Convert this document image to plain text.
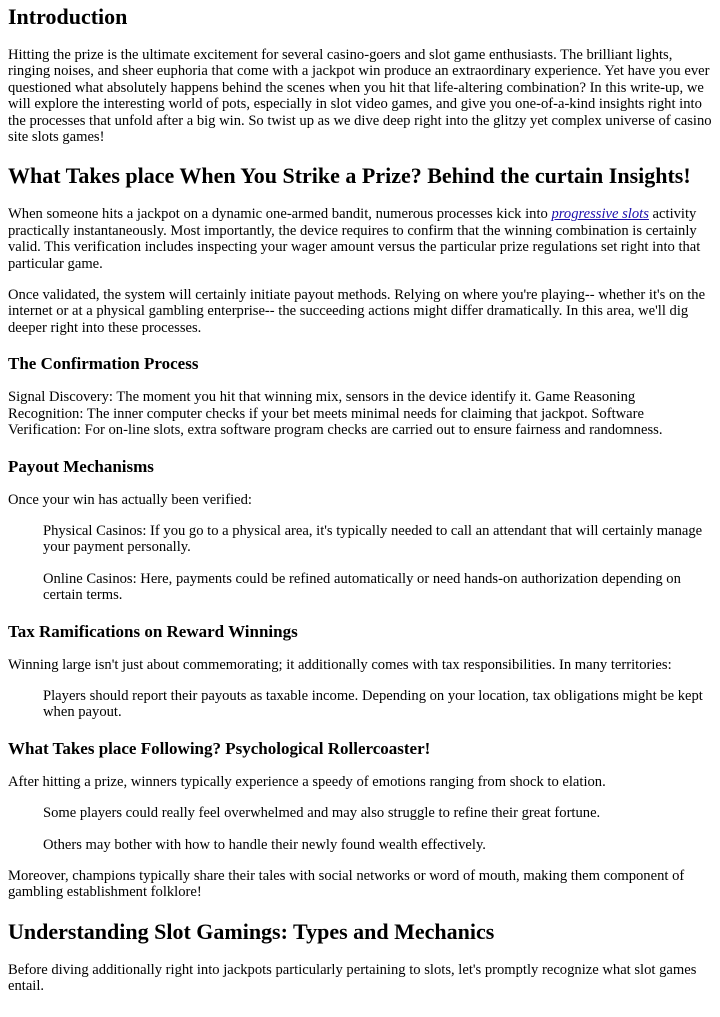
Introduction

Hitting the prize is the ultimate excitement for several casino-goers and slot game enthusiasts. The brilliant lights, ringing noises, and sheer euphoria that come with a jackpot win produce an extraordinary experience. Yet have you ever questioned what absolutely happens behind the scenes when you hit that life-altering combination? In this write-up, we will explore the interesting world of pots, especially in slot video games, and give you one-of-a-kind insights right into the processes that unfold after a big win. So twist up as we dive deep right into the glitzy yet complex universe of casino site slots games!

What Takes place When You Strike a Prize? Behind the curtain Insights!

When someone hits a jackpot on a dynamic one-armed bandit, numerous processes kick into progressive slots activity practically instantaneously. Most importantly, the device requires to confirm that the winning combination is certainly valid. This verification includes inspecting your wager amount versus the particular prize regulations set right into that particular game.

Once validated, the system will certainly initiate payout methods. Relying on where you're playing-- whether it's on the internet or at a physical gambling enterprise-- the succeeding actions might differ dramatically. In this area, we'll dig deeper right into these processes.

The Confirmation Process

Signal Discovery: The moment you hit that winning mix, sensors in the device identify it. Game Reasoning Recognition: The inner computer checks if your bet meets minimal needs for claiming that jackpot. Software Verification: For on-line slots, extra software program checks are carried out to ensure fairness and randomness.

Payout Mechanisms

Once your win has actually been verified:

Physical Casinos: If you go to a physical area, it's typically needed to call an attendant that will certainly manage your payment personally.

Online Casinos: Here, payments could be refined automatically or need hands-on authorization depending on certain terms.

Tax Ramifications on Reward Winnings

Winning large isn't just about commemorating; it additionally comes with tax responsibilities. In many territories:

Players should report their payouts as taxable income. Depending on your location, tax obligations might be kept when payout.

What Takes place Following? Psychological Rollercoaster!

After hitting a prize, winners typically experience a speedy of emotions ranging from shock to elation.

Some players could really feel overwhelmed and may also struggle to refine their great fortune.

Others may bother with how to handle their newly found wealth effectively.

Moreover, champions typically share their tales with social networks or word of mouth, making them component of gambling establishment folklore!

Understanding Slot Gamings: Types and Mechanics

Before diving additionally right into jackpots particularly pertaining to slots, let's promptly recognize what slot games entail.
